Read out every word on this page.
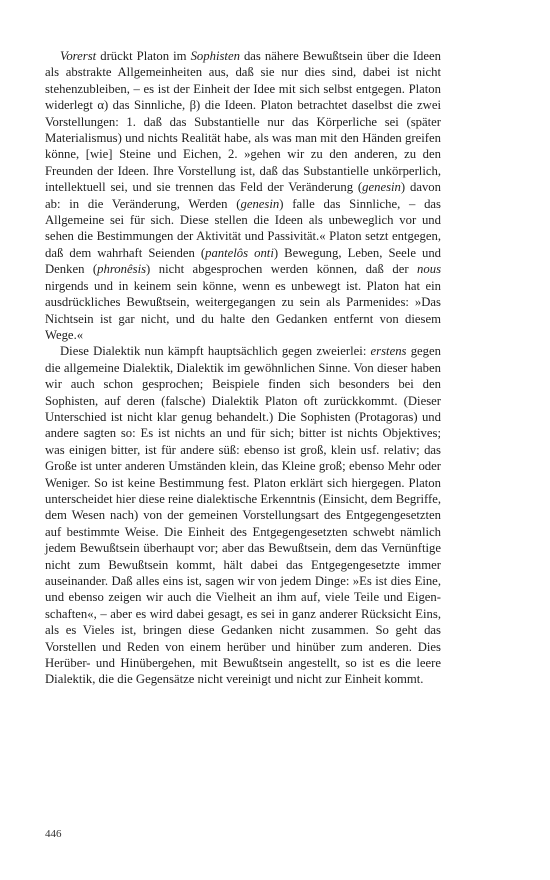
Vorerst drückt Platon im Sophisten das nähere Bewußtsein über die Ideen als abstrakte Allgemeinheiten aus, daß sie nur dies sind, dabei ist nicht stehenzubleiben, – es ist der Einheit der Idee mit sich selbst entgegen. Platon widerlegt α) das Sinnliche, β) die Ideen. Platon betrachtet daselbst die zwei Vorstellungen: 1. daß das Substantielle nur das Körperliche sei (später Materialismus) und nichts Realität habe, als was man mit den Händen greifen könne, [wie] Steine und Eichen, 2. »gehen wir zu den anderen, zu den Freunden der Ideen. Ihre Vorstellung ist, daß das Substantielle unkörperlich, intellektuell sei, und sie trennen das Feld der Veränderung (genesin) davon ab: in die Veränderung, Werden (genesin) falle das Sinnliche, – das Allgemeine sei für sich. Diese stellen die Ideen als unbeweglich vor und sehen die Bestimmungen der Aktivität und Passivität.« Platon setzt entgegen, daß dem wahrhaft Seienden (pantelôs onti) Bewegung, Leben, Seele und Denken (phronêsis) nicht abgesprochen werden können, daß der nous nirgends und in keinem sein könne, wenn es unbewegt ist. Platon hat ein ausdrückliches Bewußtsein, weitergegangen zu sein als Parmenides: »Das Nichtsein ist gar nicht, und du halte den Gedanken entfernt von diesem Wege.«

Diese Dialektik nun kämpft hauptsächlich gegen zweierlei: erstens gegen die allgemeine Dialektik, Dialektik im gewöhnlichen Sinne. Von dieser haben wir auch schon gesprochen; Beispiele finden sich besonders bei den Sophisten, auf deren (falsche) Dialektik Platon oft zurückkommt. (Dieser Unterschied ist nicht klar genug behandelt.) Die Sophisten (Protagoras) und andere sagten so: Es ist nichts an und für sich; bitter ist nichts Objektives; was einigen bitter, ist für andere süß: ebenso ist groß, klein usf. relativ; das Große ist unter anderen Umständen klein, das Kleine groß; ebenso Mehr oder Weniger. So ist keine Bestimmung fest. Platon erklärt sich hiergegen. Platon unterscheidet hier diese reine dialektische Erkenntnis (Einsicht, dem Begriffe, dem Wesen nach) von der gemeinen Vorstellungsart des Entgegengesetzten auf bestimmte Weise. Die Einheit des Entgegengesetzten schwebt nämlich jedem Bewußtsein überhaupt vor; aber das Bewußtsein, dem das Vernünftige nicht zum Bewußtsein kommt, hält dabei das Entgegengesetzte immer auseinander. Daß alles eins ist, sagen wir von jedem Dinge: »Es ist dies Eine, und ebenso zeigen wir auch die Vielheit an ihm auf, viele Teile und Eigenschaften«, – aber es wird dabei gesagt, es sei in ganz anderer Rücksicht Eins, als es Vieles ist, bringen diese Gedanken nicht zusammen. So geht das Vorstellen und Reden von einem herüber und hinüber zum anderen. Dies Herüber- und Hinübergehen, mit Bewußtsein angestellt, so ist es die leere Dialektik, die die Gegensätze nicht vereinigt und nicht zur Einheit kommt.

446
